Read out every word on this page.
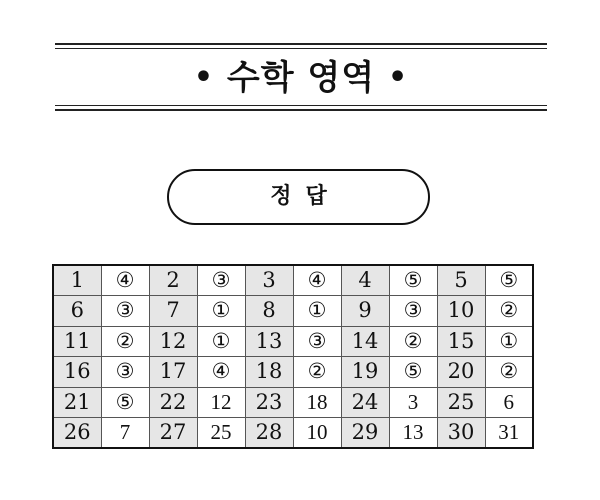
• 수학 영역 •
정답
1	④	2	③	3	④	4	⑤	5	⑤
6	③	7	①	8	①	9	③	10	②
11	②	12	①	13	③	14	②	15	①
16	③	17	④	18	②	19	⑤	20	②
21	⑤	22	12	23	18	24	3	25	6
26	7	27	25	28	10	29	13	30	31
